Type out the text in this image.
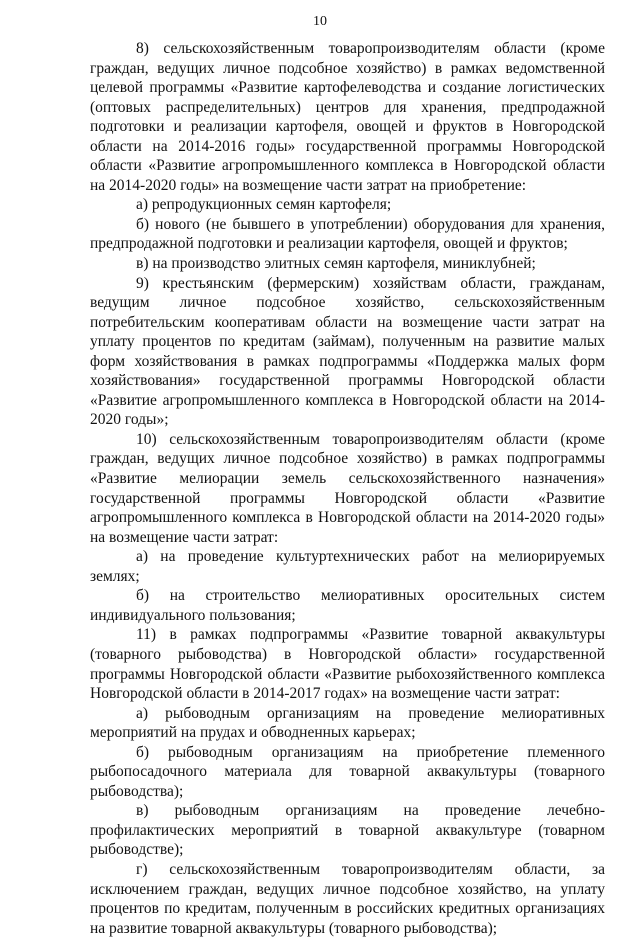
10

8) сельскохозяйственным товаропроизводителям области (кроме граждан, ведущих личное подсобное хозяйство) в рамках ведомственной целевой программы «Развитие картофелеводства и создание логистических (оптовых распределительных) центров для хранения, предпродажной подготовки и реализации картофеля, овощей и фруктов в Новгородской области на 2014-2016 годы» государственной программы Новгородской области «Развитие агропромышленного комплекса в Новгородской области на 2014-2020 годы» на возмещение части затрат на приобретение:

а) репродукционных семян картофеля;

б) нового (не бывшего в употреблении) оборудования для хранения, предпродажной подготовки и реализации картофеля, овощей и фруктов;

в) на производство элитных семян картофеля, миниклубней;

9) крестьянским (фермерским) хозяйствам области, гражданам, ведущим личное подсобное хозяйство, сельскохозяйственным потребительским кооперативам области на возмещение части затрат на уплату процентов по кредитам (займам), полученным на развитие малых форм хозяйствования в рамках подпрограммы «Поддержка малых форм хозяйствования» государственной программы Новгородской области «Развитие агропромышленного комплекса в Новгородской области на 2014-2020 годы»;

10) сельскохозяйственным товаропроизводителям области (кроме граждан, ведущих личное подсобное хозяйство) в рамках подпрограммы «Развитие мелиорации земель сельскохозяйственного назначения» государственной программы Новгородской области «Развитие агропромышленного комплекса в Новгородской области на 2014-2020 годы» на возмещение части затрат:

а) на проведение культуртехнических работ на мелиорируемых землях;

б) на строительство мелиоративных оросительных систем индивидуального пользования;

11) в рамках подпрограммы «Развитие товарной аквакультуры (товарного рыбоводства) в Новгородской области» государственной программы Новгородской области «Развитие рыбохозяйственного комплекса Новгородской области в 2014-2017 годах» на возмещение части затрат:

а) рыбоводным организациям на проведение мелиоративных мероприятий на прудах и обводненных карьерах;

б) рыбоводным организациям на приобретение племенного рыбопосадочного материала для товарной аквакультуры (товарного рыбоводства);

в) рыбоводным организациям на проведение лечебно-профилактических мероприятий в товарной аквакультуре (товарном рыбоводстве);

г) сельскохозяйственным товаропроизводителям области, за исключением граждан, ведущих личное подсобное хозяйство, на уплату процентов по кредитам, полученным в российских кредитных организациях на развитие товарной аквакультуры (товарного рыбоводства);
